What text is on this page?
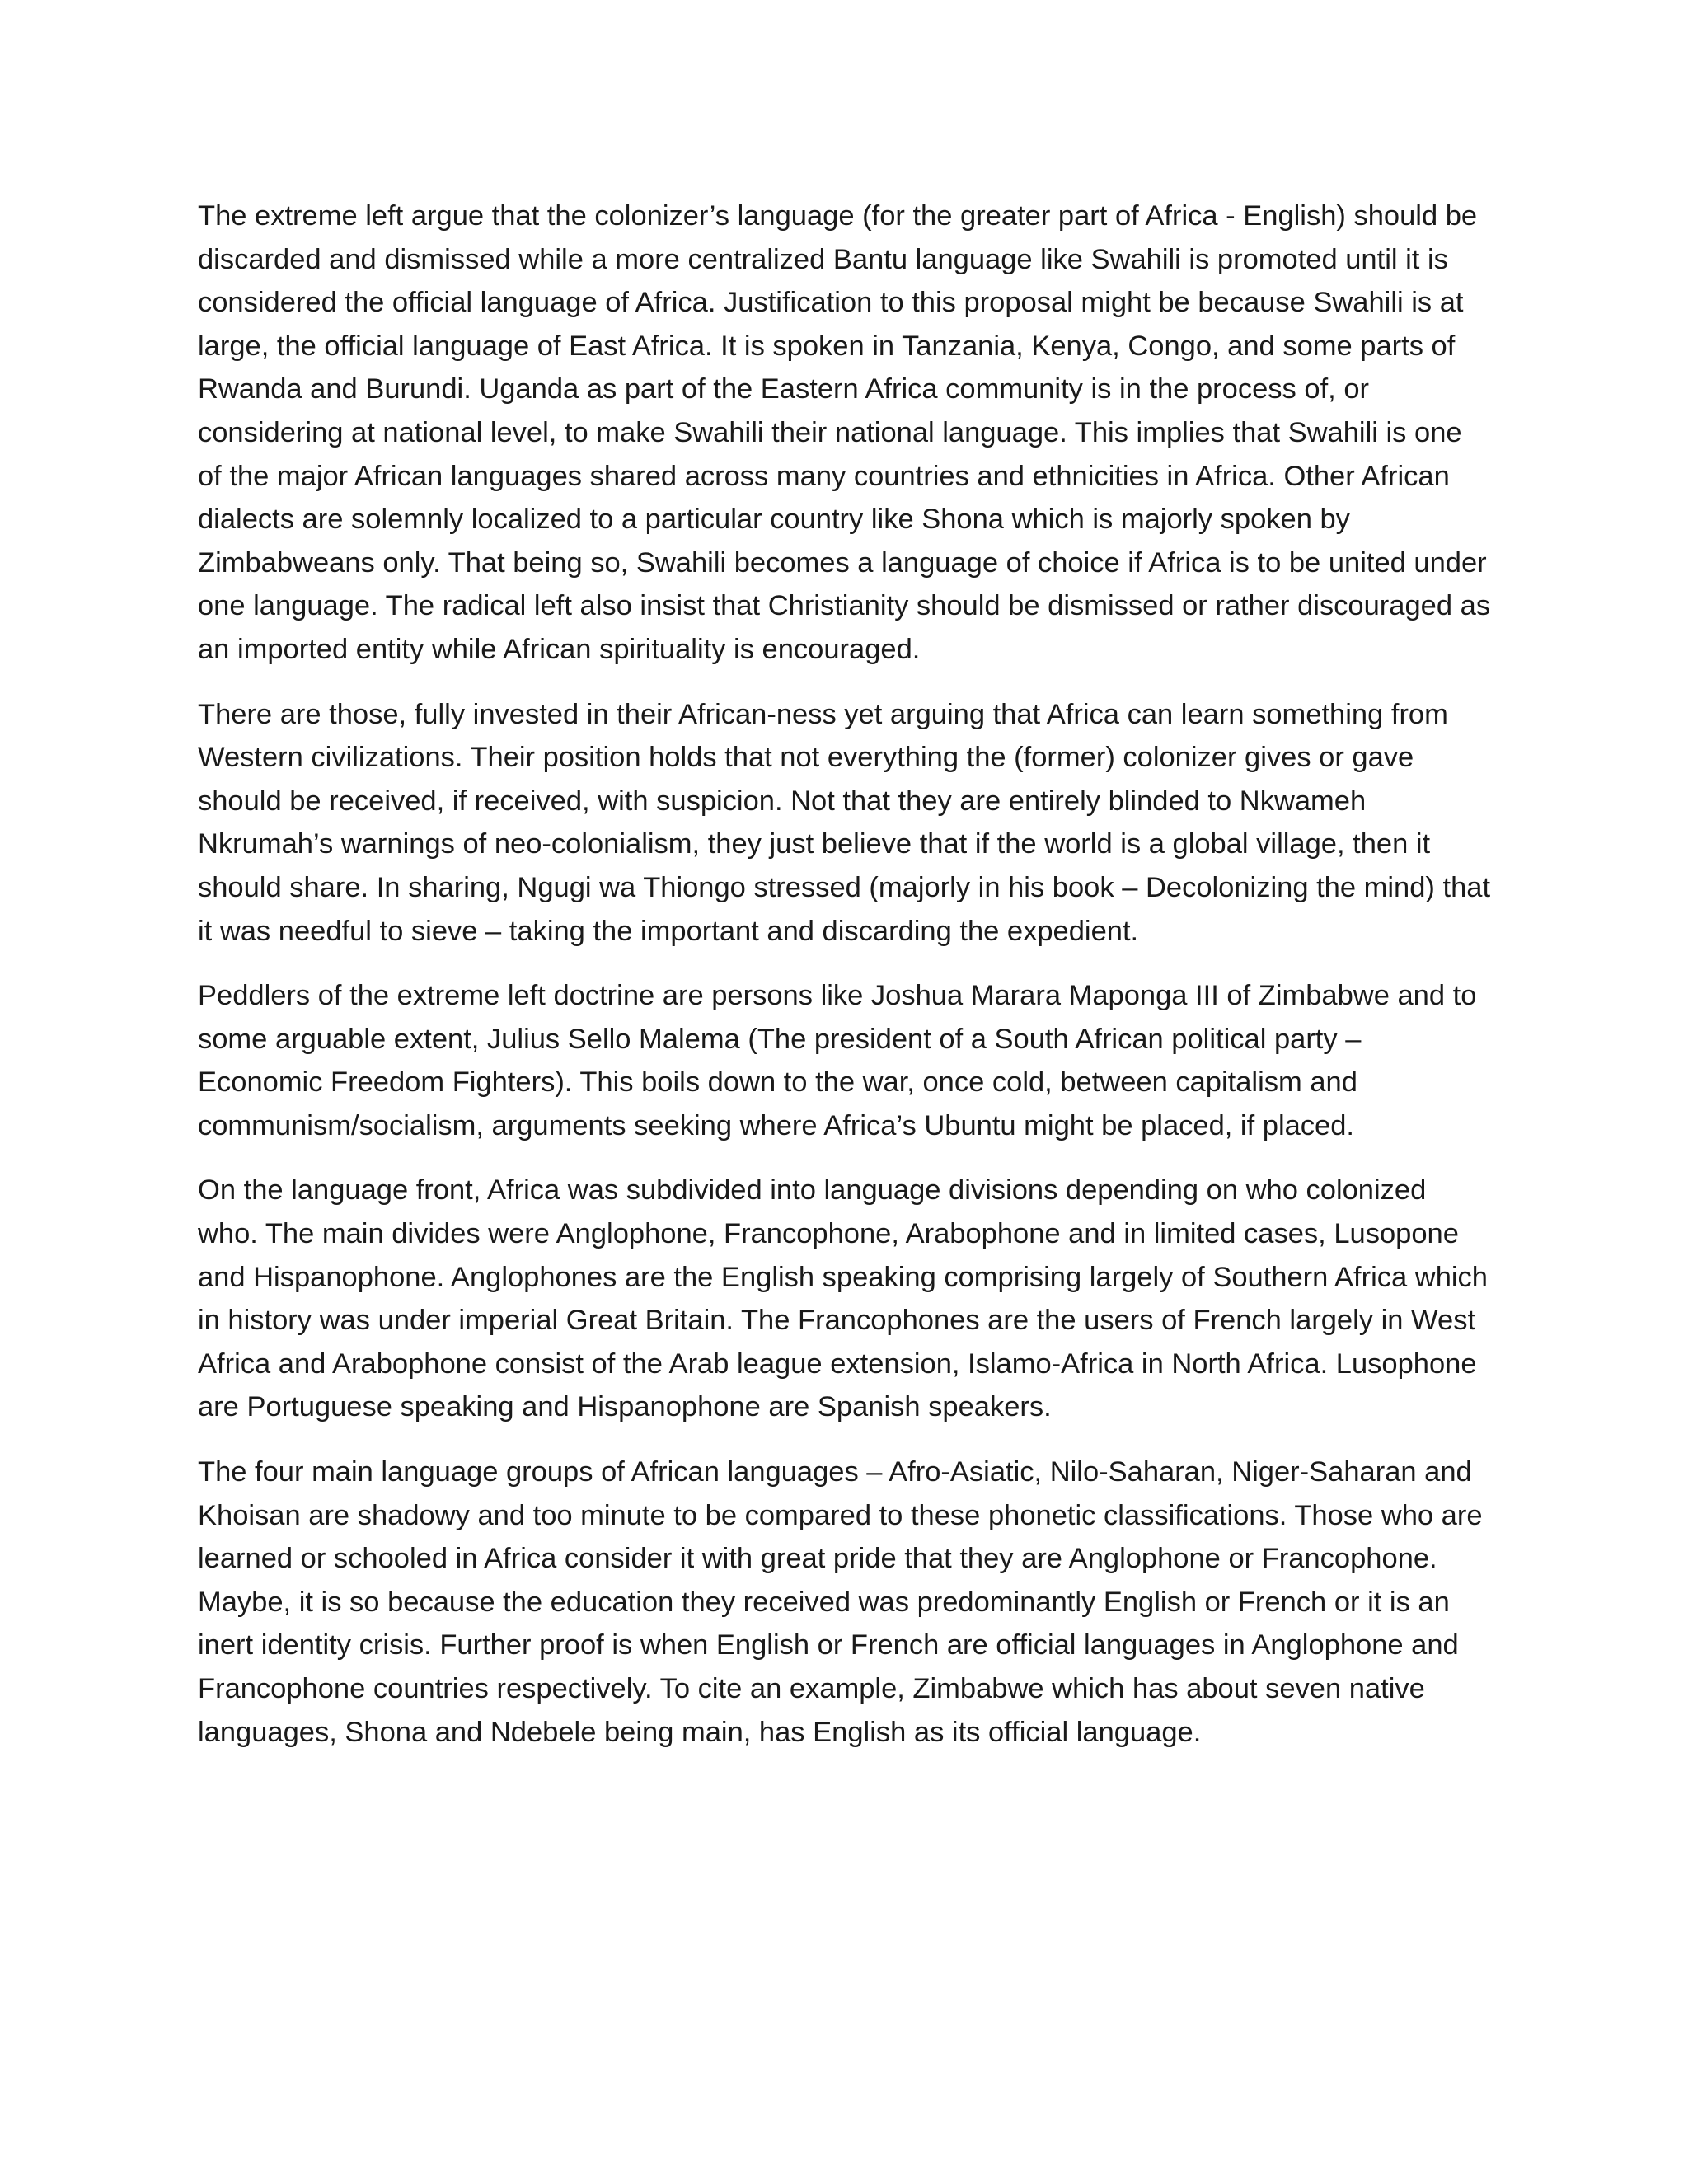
The extreme left argue that the colonizer’s language (for the greater part of Africa - English) should be discarded and dismissed while a more centralized Bantu language like Swahili is promoted until it is considered the official language of Africa. Justification to this proposal might be because Swahili is at large, the official language of East Africa. It is spoken in Tanzania, Kenya, Congo, and some parts of Rwanda and Burundi. Uganda as part of the Eastern Africa community is in the process of, or considering at national level, to make Swahili their national language. This implies that Swahili is one of the major African languages shared across many countries and ethnicities in Africa. Other African dialects are solemnly localized to a particular country like Shona which is majorly spoken by Zimbabweans only. That being so, Swahili becomes a language of choice if Africa is to be united under one language. The radical left also insist that Christianity should be dismissed or rather discouraged as an imported entity while African spirituality is encouraged.

There are those, fully invested in their African-ness yet arguing that Africa can learn something from Western civilizations. Their position holds that not everything the (former) colonizer gives or gave should be received, if received, with suspicion. Not that they are entirely blinded to Nkwameh Nkrumah’s warnings of neo-colonialism, they just believe that if the world is a global village, then it should share. In sharing, Ngugi wa Thiongo stressed (majorly in his book – Decolonizing the mind) that it was needful to sieve – taking the important and discarding the expedient.

Peddlers of the extreme left doctrine are persons like Joshua Marara Maponga III of Zimbabwe and to some arguable extent, Julius Sello Malema (The president of a South African political party – Economic Freedom Fighters). This boils down to the war, once cold, between capitalism and communism/socialism, arguments seeking where Africa’s Ubuntu might be placed, if placed.

On the language front, Africa was subdivided into language divisions depending on who colonized who. The main divides were Anglophone, Francophone, Arabophone and in limited cases, Lusopone and Hispanophone. Anglophones are the English speaking comprising largely of Southern Africa which in history was under imperial Great Britain. The Francophones are the users of French largely in West Africa and Arabophone consist of the Arab league extension, Islamo-Africa in North Africa. Lusophone are Portuguese speaking and Hispanophone are Spanish speakers.

The four main language groups of African languages – Afro-Asiatic, Nilo-Saharan, Niger-Saharan and Khoisan are shadowy and too minute to be compared to these phonetic classifications. Those who are learned or schooled in Africa consider it with great pride that they are Anglophone or Francophone. Maybe, it is so because the education they received was predominantly English or French or it is an inert identity crisis. Further proof is when English or French are official languages in Anglophone and Francophone countries respectively. To cite an example, Zimbabwe which has about seven native languages, Shona and Ndebele being main, has English as its official language.
